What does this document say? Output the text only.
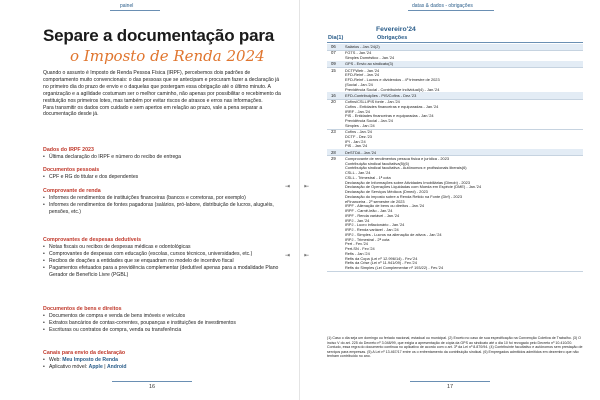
painel
Separe a documentação para
o Imposto de Renda 2024

Quando o assunto é Imposto de Renda Pessoa Física (IRPF), percebemos dois padrões de comportamento muito convencionais: o das pessoas que se antecipam e procuram fazer a declaração já no primeiro dia do prazo de envio e o daquelas que postergam essa obrigação até o último minuto. A organização e a agilidade costumam ser o melhor caminho, não apenas por possibilitar o recebimento da restituição nos primeiros lotes, mas também por evitar riscos de atrasos e erros nas informações.

Para transmitir os dados com cuidado e sem apertos em relação ao prazo, vale a pena separar a documentação desde já.

Dados do IRPF 2023
• Última declaração do IRPF e número do recibo de entrega
Documentos pessoais
• CPF e RG do titular e dos dependentes
Comprovante de renda
• Informes de rendimentos de instituições financeiras (bancos e corretoras, por exemplo)
• Informes de rendimentos de fontes pagadoras (salários, pró-labore, distribuição de lucros, aluguéis, pensões, etc.)
Comprovantes de despesas dedutíveis
• Notas fiscais ou recibos de despesas médicas e odontológicas
• Comprovantes de despesas com educação (escolas, cursos técnicos, universidades, etc.)
• Recibos de doações a entidades que se enquadram no modelo de incentivo fiscal
• Pagamentos efetuados para a previdência complementar (dedutível apenas para a modalidade Plano Gerador de Benefício Livre (PGBL)
Documentos de bens e direitos
• Documentos de compra e venda de bens imóveis e veículos
• Extratos bancários de contas-correntes, poupanças e instituições de investimentos
• Escrituras ou contratos de compra, venda ou transferência
Canais para envio da declaração
• Web: Meu Imposto de Renda
• Aplicativo móvel: Apple | Android
⇥
⇥
16
datas & dados - obrigações
⇤
⇤
17
Fevereiro'24
Dia(1)	Obrigações
06 Salários - Jan.'24(2)
07 FGTS - Jan.'24
Simples Doméstico - Jan.'24
09 GPS - Envio ao sindicato(3)
15 DCTFWeb - Jan.'24
EFD-Reinf - Jan.'24
EFD-Reinf - Lucros e dividendos - 4º trimestre de 2023
(Social - Jan.'24
Previdência Social - Contribuinte individual(4) - Jan.'24
16 EFD-Contribuições - PIS/Cofins - Dez.'23
20 Cofins/CSLL/PIS fonte - Jan.'24
Cofins - Entidades financeiras e equiparadas - Jan.'24
IRRF - Jan.'24
PIS - Entidades financeiras e equiparadas - Jan.'24
Previdência Social - Jan.'24
Simples - Jan.'24
23 Cofins - Jan.'24
DCTF - Dez.'23
IPI - Jan.'24
PIS - Jan.'24
28 DeSTDA - Jan.'24
29 Comprovante de rendimentos pessoa física e jurídica - 2023
Contribuição sindical facultativa(5)(6)
Contribuição sindical facultativa - Autônomos e profissionais liberais(6)
CSLL - Jan.'24
CSLL - Trimestral - 1ª cota
Declaração de Informações sobre Atividades Imobiliárias (Dimob) - 2023
Declaração de Operações Liquidadas com Moeda em Espécie (DME) - Jan.'24
Declaração de Serviços Médicos (Dmed) - 2023
Declaração do imposto sobre a Renda Retido na Fonte (Dirf) - 2023
eFinanceira - 2º semestre de 2023
IRPF - Alienação de bens ou direitos - Jan.'24
IRPF - Carnê-leão - Jan.'24
IRPF - Renda variável - Jan.'24
IRPJ - Jan.'24
IRPJ - Lucro inflacionário - Jan.'24
IRPJ - Renda variável - Jan.'24
IRPJ - Simples - Lucros na alienação de ativos - Jan.'24
IRPJ - Trimestral - 2ª cota
Pert - Fev.'24
Pert-SN - Fev.'24
Refis - Jan.'24
Refis da Copa (Lei nº 12.996/14) - Fev.'24
Refis da Crise (Lei nº 11.941/09) - Fev.'24
Refis do Simples (Lei Complementar nº 193/22) - Fev.'24
(1) Caso o dia seja um domingo ou feriado nacional, estadual ou municipal. (2) Exceto no caso de sua especificação na Convenção Coletiva de Trabalho. (3) O inciso V do art. 225 do Decreto nº 3.048/99, que exigia a apresentação de cópia da GPS ao sindicato até o dia 10 foi revogado pelo Decreto nº 10.410/20. Contudo, essa regra do documento continua no aplicativo de acordo com o art. 3º da Lei nº 8.870/94. (4) Contribuinte facultativo e autônomos sem prestação de serviços para empresas. (5) A Lei nº 13.467/17 entre os o enfrentamento da contribuição sindical. (6) Empregados admitidos admitidos em dezembro que não tenham contribuído no ano.
